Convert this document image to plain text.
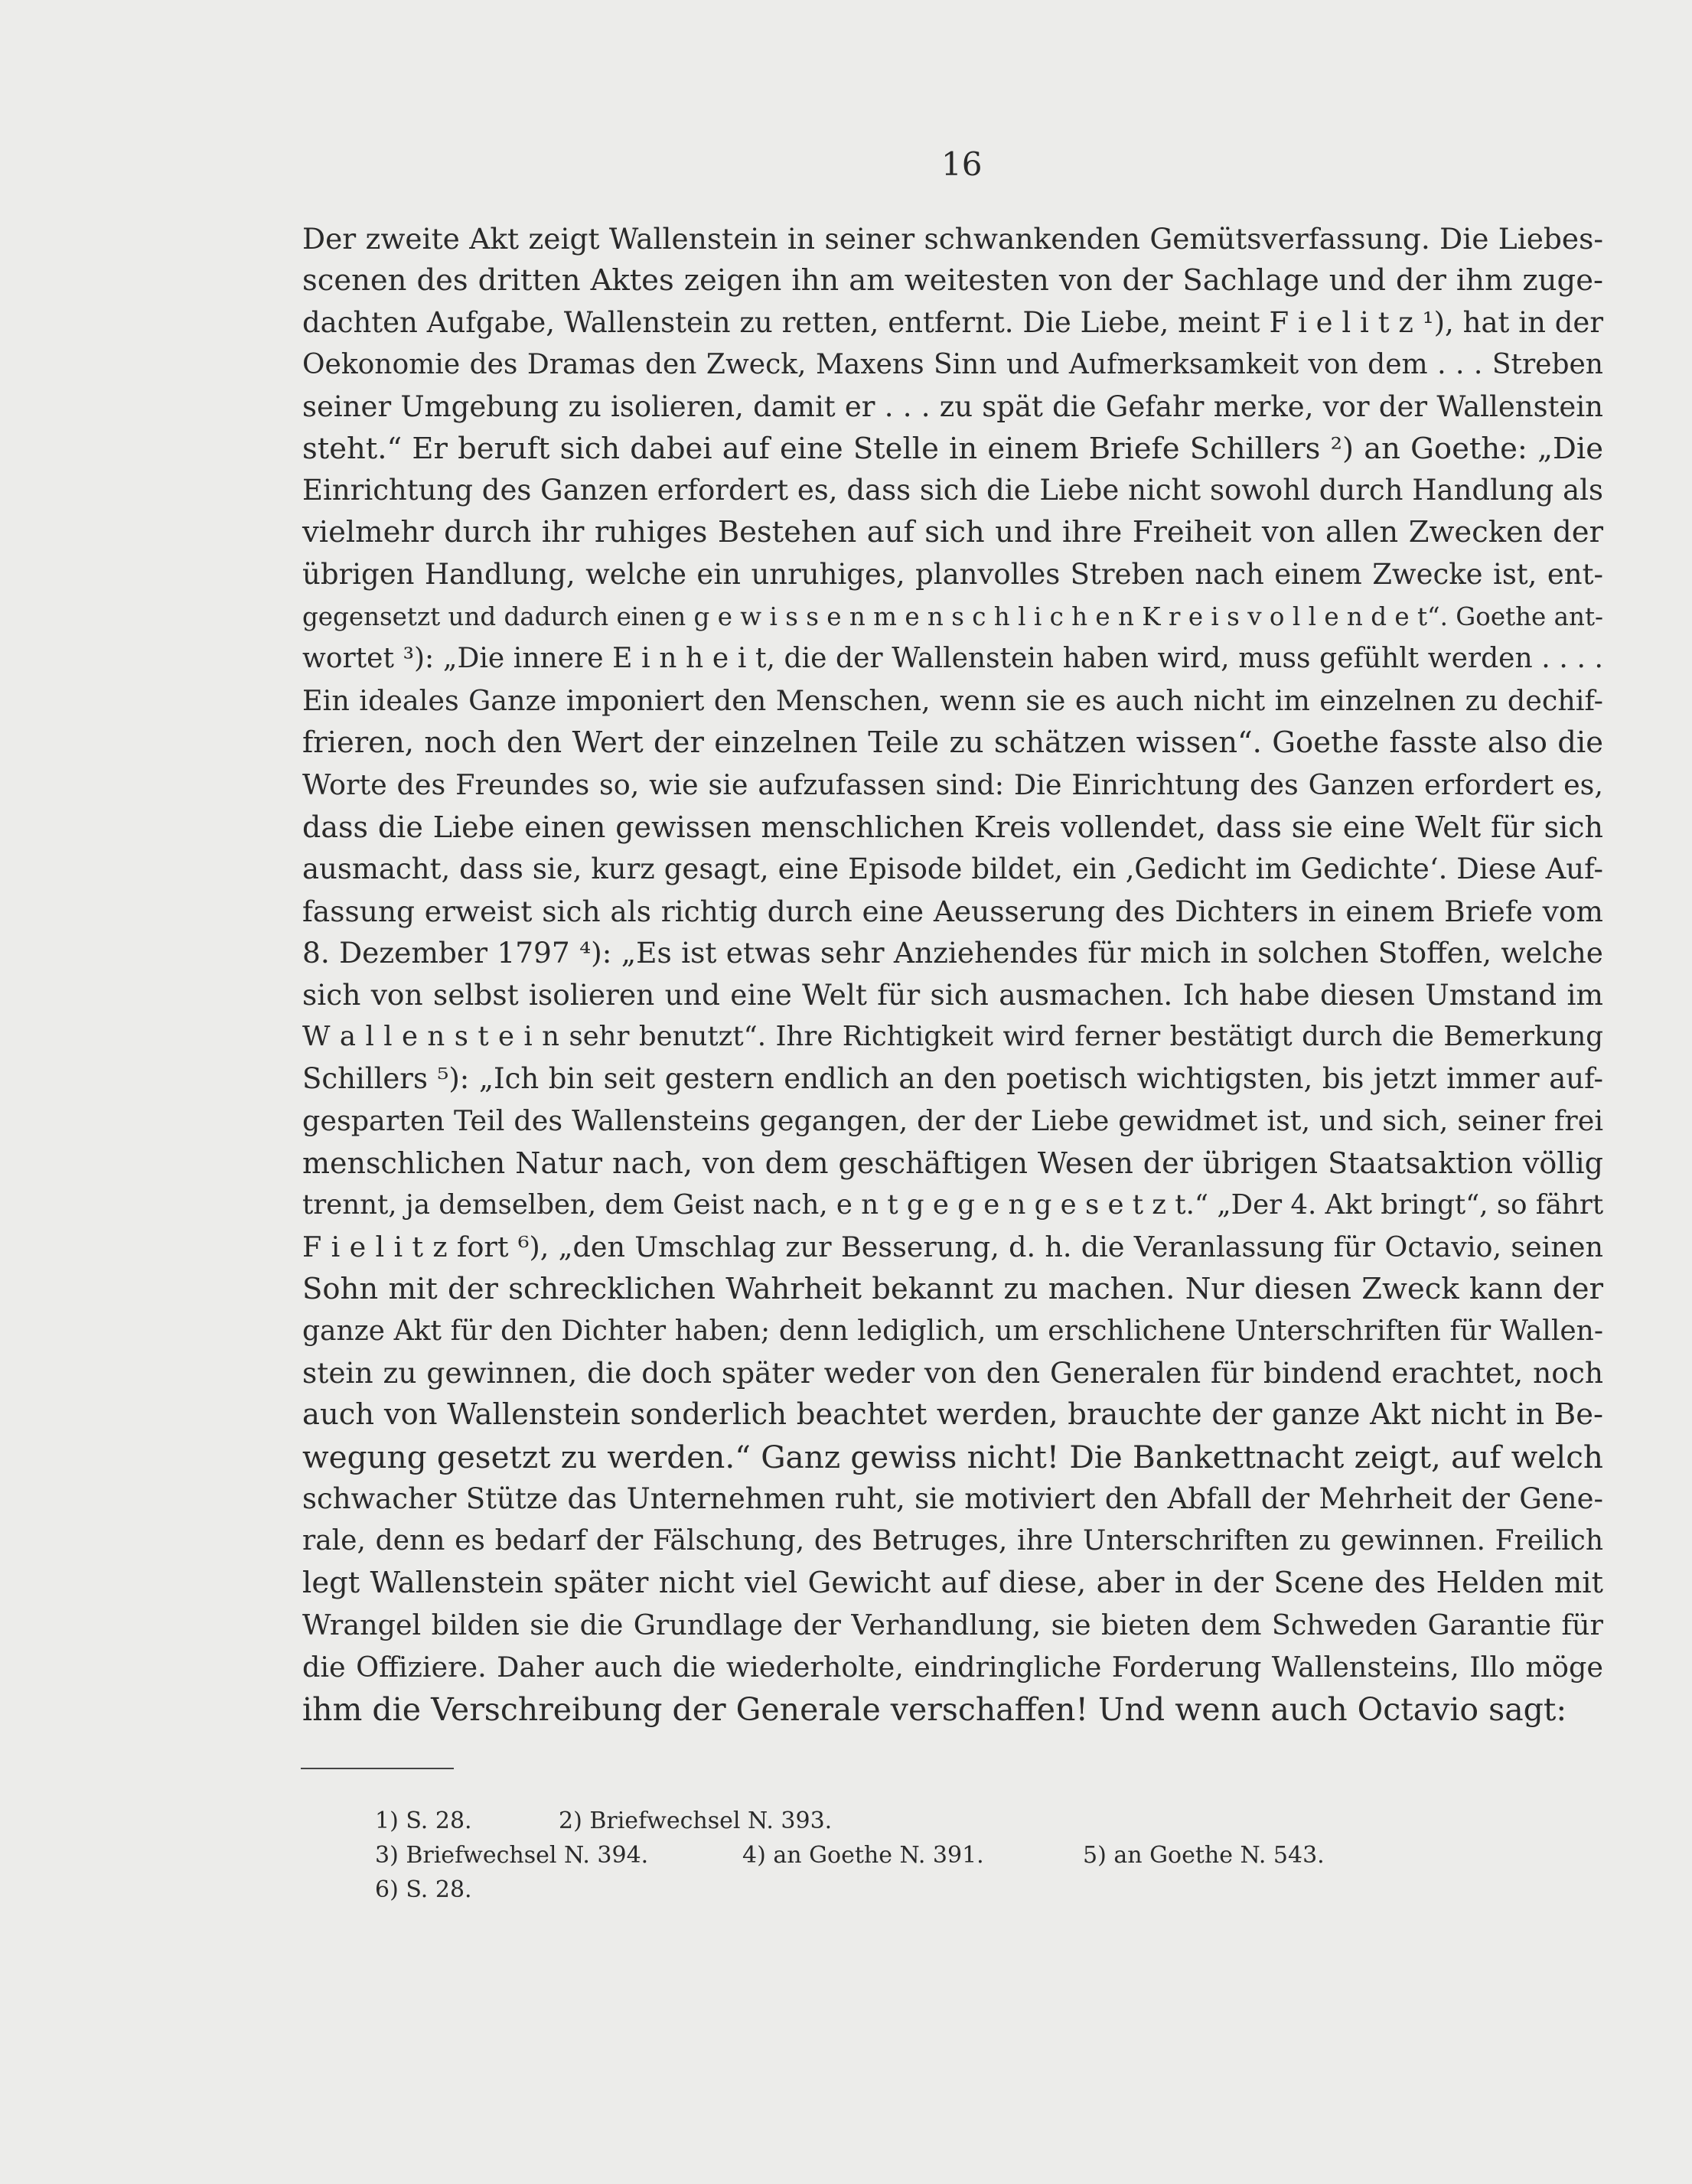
16
Der zweite Akt zeigt Wallenstein in seiner schwankenden Gemütsverfassung. Die Liebes-
scenen des dritten Aktes zeigen ihn am weitesten von der Sachlage und der ihm zuge-
dachten Aufgabe, Wallenstein zu retten, entfernt. Die Liebe, meint F i e l i t z ¹), hat in der
Oekonomie des Dramas den Zweck, Maxens Sinn und Aufmerksamkeit von dem . . . Streben
seiner Umgebung zu isolieren, damit er . . . zu spät die Gefahr merke, vor der Wallenstein
steht.“ Er beruft sich dabei auf eine Stelle in einem Briefe Schillers ²) an Goethe: „Die
Einrichtung des Ganzen erfordert es, dass sich die Liebe nicht sowohl durch Handlung als
vielmehr durch ihr ruhiges Bestehen auf sich und ihre Freiheit von allen Zwecken der
übrigen Handlung, welche ein unruhiges, planvolles Streben nach einem Zwecke ist, ent-
gegensetzt und dadurch einen g e w i s s e n m e n s c h l i c h e n K r e i s v o l l e n d e t“. Goethe ant-
wortet ³): „Die innere E i n h e i t, die der Wallenstein haben wird, muss gefühlt werden . . . .
Ein ideales Ganze imponiert den Menschen, wenn sie es auch nicht im einzelnen zu dechif-
frieren, noch den Wert der einzelnen Teile zu schätzen wissen“. Goethe fasste also die
Worte des Freundes so, wie sie aufzufassen sind: Die Einrichtung des Ganzen erfordert es,
dass die Liebe einen gewissen menschlichen Kreis vollendet, dass sie eine Welt für sich
ausmacht, dass sie, kurz gesagt, eine Episode bildet, ein ‚Gedicht im Gedichte‘. Diese Auf-
fassung erweist sich als richtig durch eine Aeusserung des Dichters in einem Briefe vom
8. Dezember 1797 ⁴): „Es ist etwas sehr Anziehendes für mich in solchen Stoffen, welche
sich von selbst isolieren und eine Welt für sich ausmachen. Ich habe diesen Umstand im
W a l l e n s t e i n sehr benutzt“. Ihre Richtigkeit wird ferner bestätigt durch die Bemerkung
Schillers ⁵): „Ich bin seit gestern endlich an den poetisch wichtigsten, bis jetzt immer auf-
gesparten Teil des Wallensteins gegangen, der der Liebe gewidmet ist, und sich, seiner frei
menschlichen Natur nach, von dem geschäftigen Wesen der übrigen Staatsaktion völlig
trennt, ja demselben, dem Geist nach, e n t g e g e n g e s e t z t.“ „Der 4. Akt bringt“, so fährt
F i e l i t z fort ⁶), „den Umschlag zur Besserung, d. h. die Veranlassung für Octavio, seinen
Sohn mit der schrecklichen Wahrheit bekannt zu machen. Nur diesen Zweck kann der
ganze Akt für den Dichter haben; denn lediglich, um erschlichene Unterschriften für Wallen-
stein zu gewinnen, die doch später weder von den Generalen für bindend erachtet, noch
auch von Wallenstein sonderlich beachtet werden, brauchte der ganze Akt nicht in Be-
wegung gesetzt zu werden.“ Ganz gewiss nicht! Die Bankettnacht zeigt, auf welch
schwacher Stütze das Unternehmen ruht, sie motiviert den Abfall der Mehrheit der Gene-
rale, denn es bedarf der Fälschung, des Betruges, ihre Unterschriften zu gewinnen. Freilich
legt Wallenstein später nicht viel Gewicht auf diese, aber in der Scene des Helden mit
Wrangel bilden sie die Grundlage der Verhandlung, sie bieten dem Schweden Garantie für
die Offiziere. Daher auch die wiederholte, eindringliche Forderung Wallensteins, Illo möge
ihm die Verschreibung der Generale verschaffen! Und wenn auch Octavio sagt:
1) S. 28.	2) Briefwechsel N. 393.
3) Briefwechsel N. 394.	4) an Goethe N. 391.	5) an Goethe N. 543.
6) S. 28.
